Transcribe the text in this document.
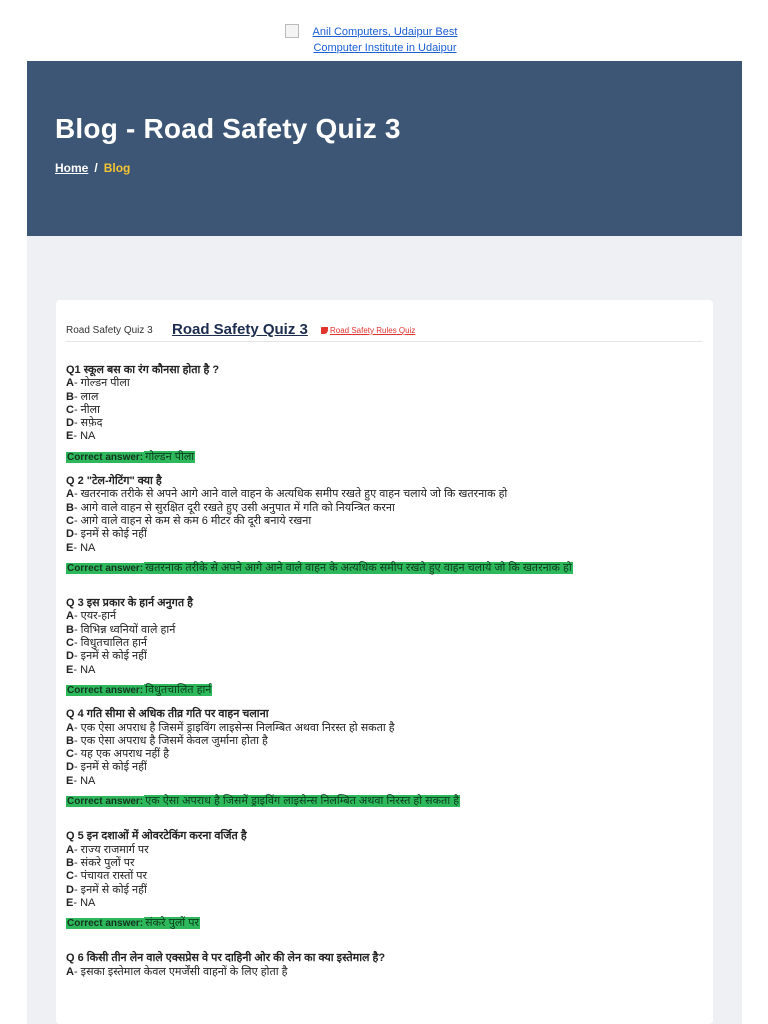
Anil Computers, Udaipur Best
Computer Institute in Udaipur
Blog - Road Safety Quiz 3
Home / Blog
Road Safety Quiz 3 Road Safety Quiz 3	Road Safety Rules Quiz
Q1 स्कूल बस का रंग कौनसा होता है ?
A- गोल्डन पीला
B- लाल
C- नीला
D- सफ़ेद
E- NA
Correct answer: गोल्डन पीला
Q 2 "टेल-गेटिंग" क्या है
A- खतरनाक तरीके से अपने आगे आने वाले वाहन के अत्यधिक समीप रखते हुए वाहन चलाये जो कि खतरनाक हो
B- आगे वाले वाहन से सुरक्षित दूरी रखते हुए उसी अनुपात में गति को नियन्त्रित करना
C- आगे वाले वाहन से कम से कम 6 मीटर की दूरी बनाये रखना
D- इनमें से कोई नहीं
E- NA
Correct answer: खतरनाक तरीके से अपने आगे आने वाले वाहन के अत्यधिक समीप रखते हुए वाहन चलाये जो कि खतरनाक हो
Q 3 इस प्रकार के हार्न अनुगत है
A- एयर-हार्न
B- विभिन्न ध्वनियों वाले हार्न
C- विधुतचालित हार्न
D- इनमें से कोई नहीं
E- NA
Correct answer: विधुतचालित हार्न
Q 4 गति सीमा से अधिक तीव्र गति पर वाहन चलाना
A- एक ऐसा अपराध है जिसमें ड्राइविंग लाइसेन्स निलम्बित अथवा निरस्त हो सकता है
B- एक ऐसा अपराध है जिसमें केवल जुर्माना होता है
C- यह एक अपराध नहीं है
D- इनमें से कोई नहीं
E- NA
Correct answer: एक ऐसा अपराध है जिसमें ड्राइविंग लाइसेन्स निलम्बित अथवा निरस्त हो सकता है
Q 5 इन दशाओं में ओवरटेकिंग करना वर्जित है
A- राज्य राजमार्ग पर
B- संकरे पुलों पर
C- पंचायत रास्तों पर
D- इनमें से कोई नहीं
E- NA
Correct answer: संकरे पुलों पर
Q 6 किसी तीन लेन वाले एक्सप्रेस वे पर दाहिनी ओर की लेन का क्या इस्तेमाल है?
A- इसका इस्तेमाल केवल एमर्जेंसी वाहनों के लिए होता है
